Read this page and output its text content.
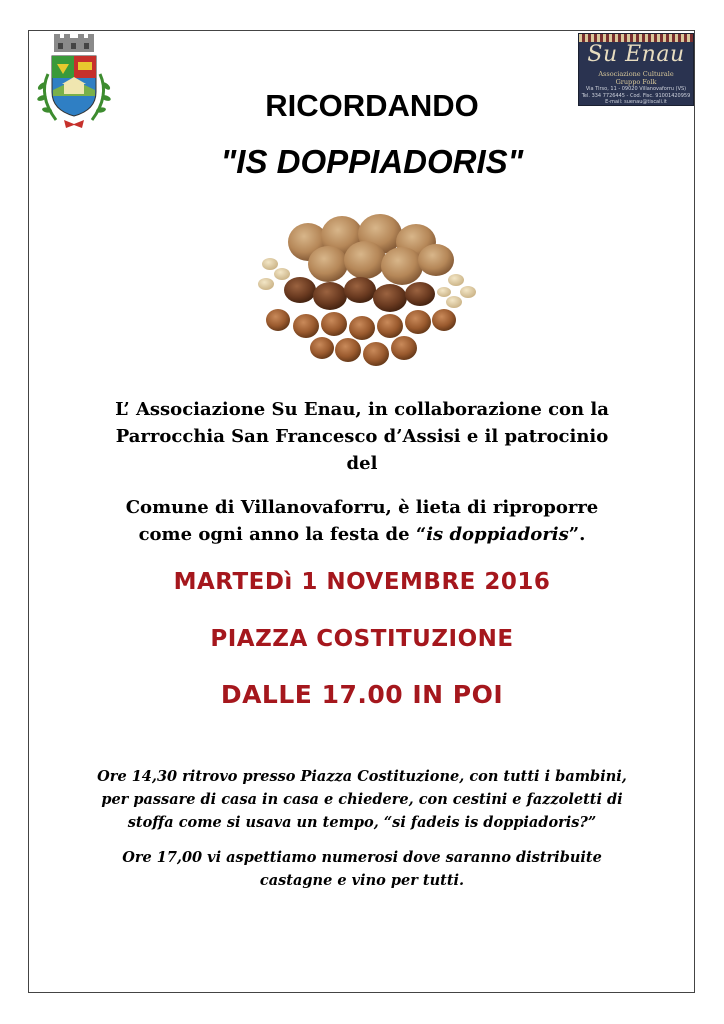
Su Enau
Associazione Culturale
Gruppo Folk
Via Tirso, 11 - 09020 Villanovaforru (VS)
Tel. 334 7726445 - Cod. Fisc. 91001420959
E-mail: suenau@tiscali.it
RICORDANDO
"IS DOPPIADORIS"
L’ Associazione Su Enau, in collaborazione con la
Parrocchia San Francesco d’Assisi e il patrocinio
del
Comune di Villanovaforru, è lieta di riproporre
come ogni anno la festa de “is doppiadoris”.
MARTEDì 1 NOVEMBRE 2016
PIAZZA COSTITUZIONE
DALLE 17.00 IN POI
Ore 14,30 ritrovo presso Piazza Costituzione, con tutti i bambini,
per passare di casa in casa e chiedere, con cestini e fazzoletti di
stoffa come si usava un tempo, “si fadeis is doppiadoris?”
Ore 17,00 vi aspettiamo numerosi dove saranno distribuite
castagne e vino per tutti.
